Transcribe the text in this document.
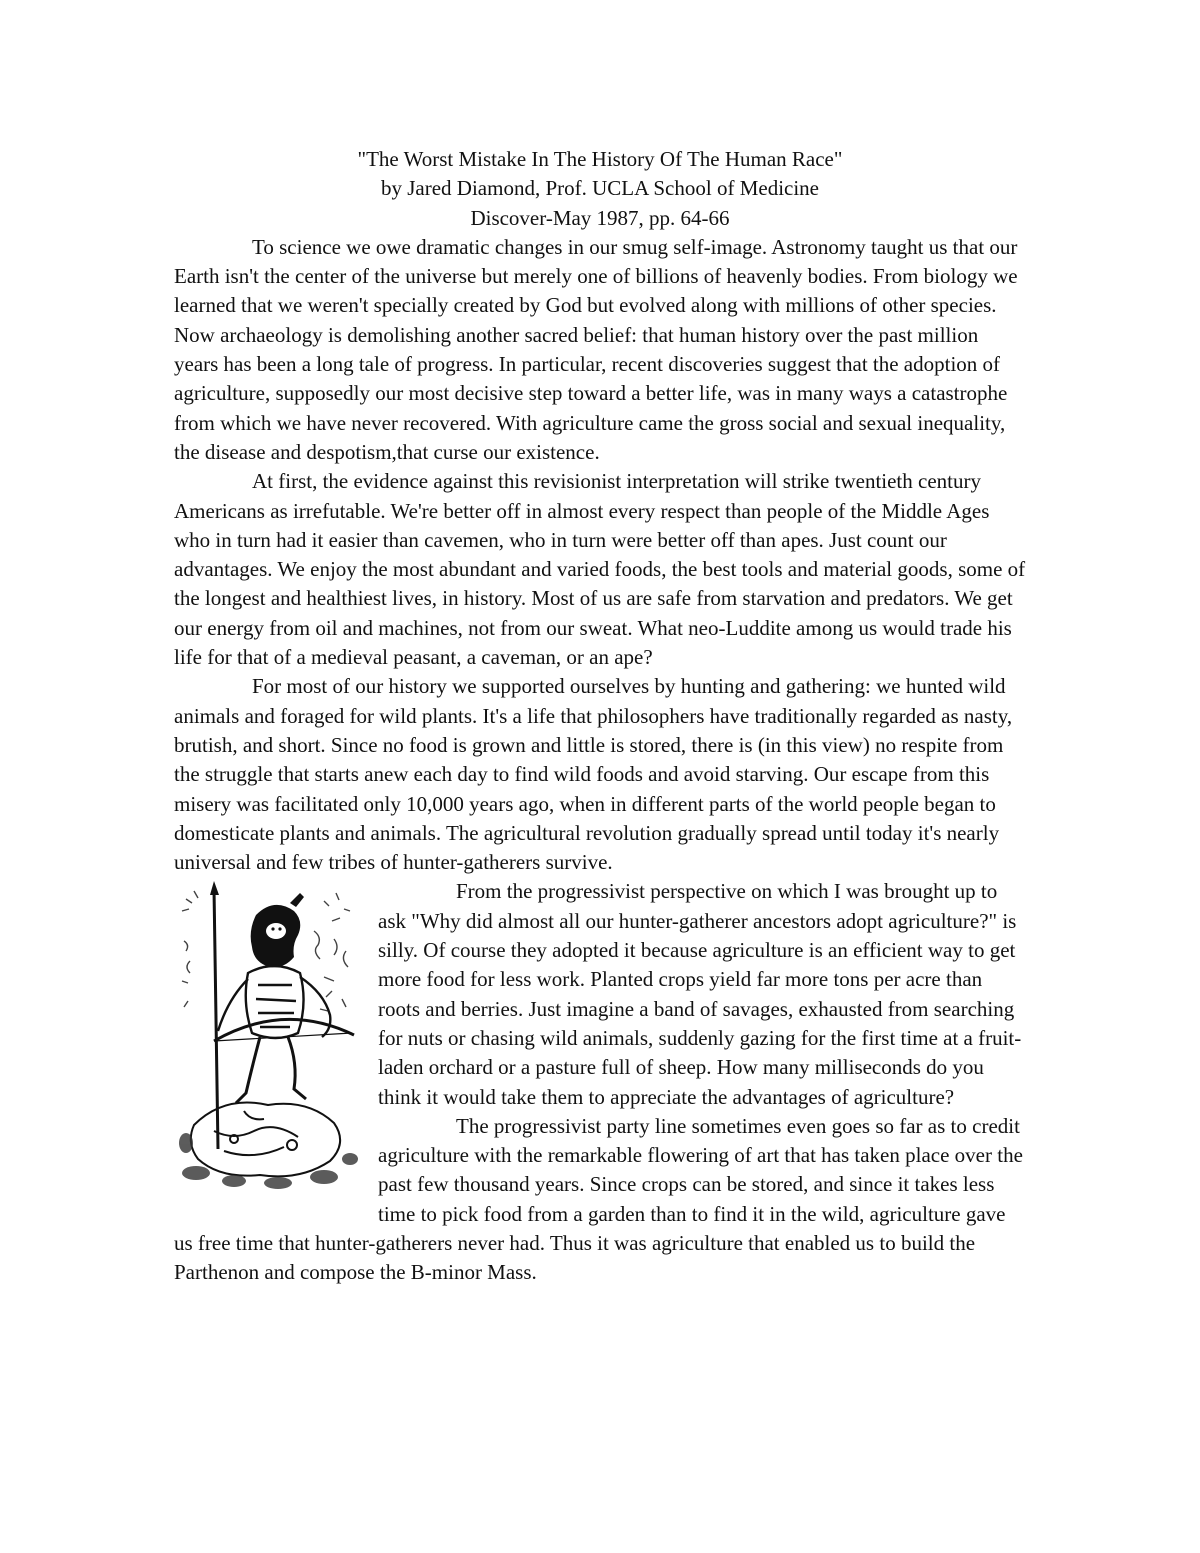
"The Worst Mistake In The History Of The Human Race"

by Jared Diamond, Prof. UCLA School of Medicine

Discover-May 1987, pp. 64-66

To science we owe dramatic changes in our smug self-image. Astronomy taught us that our Earth isn't the center of the universe but merely one of billions of heavenly bodies. From biology we learned that we weren't specially created by God but evolved along with millions of other species. Now archaeology is demolishing another sacred belief: that human history over the past million years has been a long tale of progress. In particular, recent discoveries suggest that the adoption of agriculture, supposedly our most decisive step toward a better life, was in many ways a catastrophe from which we have never recovered. With agriculture came the gross social and sexual inequality, the disease and despotism,that curse our existence.

At first, the evidence against this revisionist interpretation will strike twentieth century Americans as irrefutable. We're better off in almost every respect than people of the Middle Ages who in turn had it easier than cavemen, who in turn were better off than apes. Just count our advantages. We enjoy the most abundant and varied foods, the best tools and material goods, some of the longest and healthiest lives, in history. Most of us are safe from starvation and predators. We get our energy from oil and machines, not from our sweat. What neo-Luddite among us would trade his life for that of a medieval peasant, a caveman, or an ape?

For most of our history we supported ourselves by hunting and gathering: we hunted wild animals and foraged for wild plants. It's a life that philosophers have traditionally regarded as nasty, brutish, and short. Since no food is grown and little is stored, there is (in this view) no respite from the struggle that starts anew each day to find wild foods and avoid starving. Our escape from this misery was facilitated only 10,000 years ago, when in different parts of the world people began to domesticate plants and animals. The agricultural revolution gradually spread until today it's nearly universal and few tribes of hunter-gatherers survive.

From the progressivist perspective on which I was brought up to ask "Why did almost all our hunter-gatherer ancestors adopt agriculture?" is silly. Of course they adopted it because agriculture is an efficient way to get more food for less work. Planted crops yield far more tons per acre than roots and berries. Just imagine a band of savages, exhausted from searching for nuts or chasing wild animals, suddenly gazing for the first time at a fruit-laden orchard or a pasture full of sheep. How many milliseconds do you think it would take them to appreciate the advantages of agriculture?

The progressivist party line sometimes even goes so far as to credit agriculture with the remarkable flowering of art that has taken place over the past few thousand years. Since crops can be stored, and since it takes less time to pick food from a garden than to find it in the wild, agriculture gave us free time that hunter-gatherers never had. Thus it was agriculture that enabled us to build the Parthenon and compose the B-minor Mass.
